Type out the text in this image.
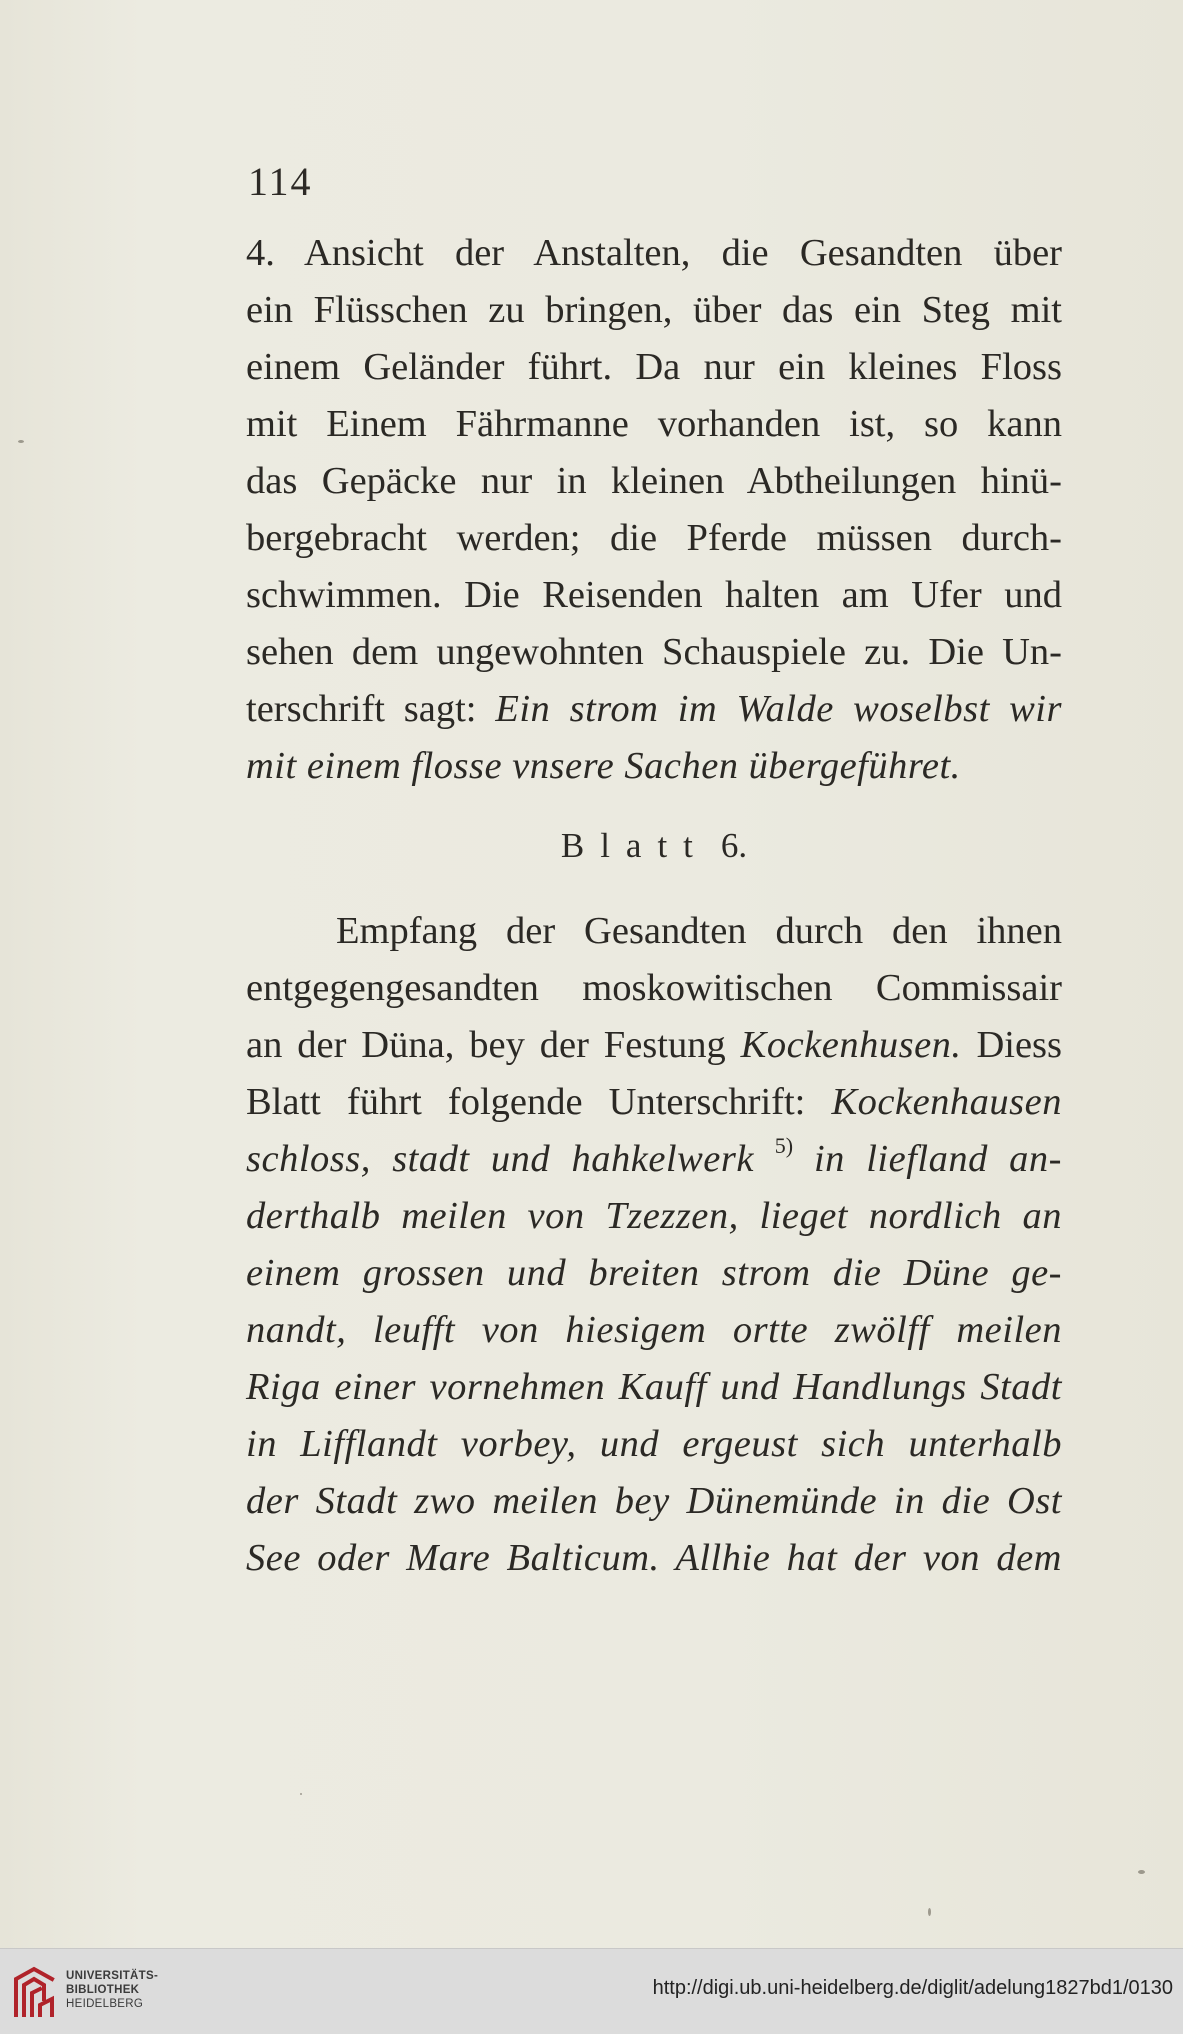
114
4. Ansicht der Anstalten, die Gesandten über
ein Flüsschen zu bringen, über das ein Steg mit
einem Geländer führt. Da nur ein kleines Floss
mit Einem Fährmanne vorhanden ist, so kann
das Gepäcke nur in kleinen Abtheilungen hinü-
bergebracht werden; die Pferde müssen durch-
schwimmen. Die Reisenden halten am Ufer und
sehen dem ungewohnten Schauspiele zu. Die Un-
terschrift sagt: Ein strom im Walde woselbst wir
mit einem flosse vnsere Sachen übergeführet.
Blatt 6.
Empfang der Gesandten durch den ihnen
entgegengesandten moskowitischen Commissair
an der Düna, bey der Festung Kockenhusen. Diess
Blatt führt folgende Unterschrift: Kockenhausen
schloss, stadt und hahkelwerk $^{5)}$ in liefland an-
derthalb meilen von Tzezzen, lieget nordlich an
einem grossen und breiten strom die Düne ge-
nandt, leufft von hiesigem ortte zwölff meilen
Riga einer vornehmen Kauff und Handlungs Stadt
in Lifflandt vorbey, und ergeust sich unterhalb
der Stadt zwo meilen bey Dünemünde in die Ost
See oder Mare Balticum. Allhie hat der von dem
UNIVERSITÄTS-
BIBLIOTHEK
HEIDELBERG
http://digi.ub.uni-heidelberg.de/diglit/adelung1827bd1/0130
